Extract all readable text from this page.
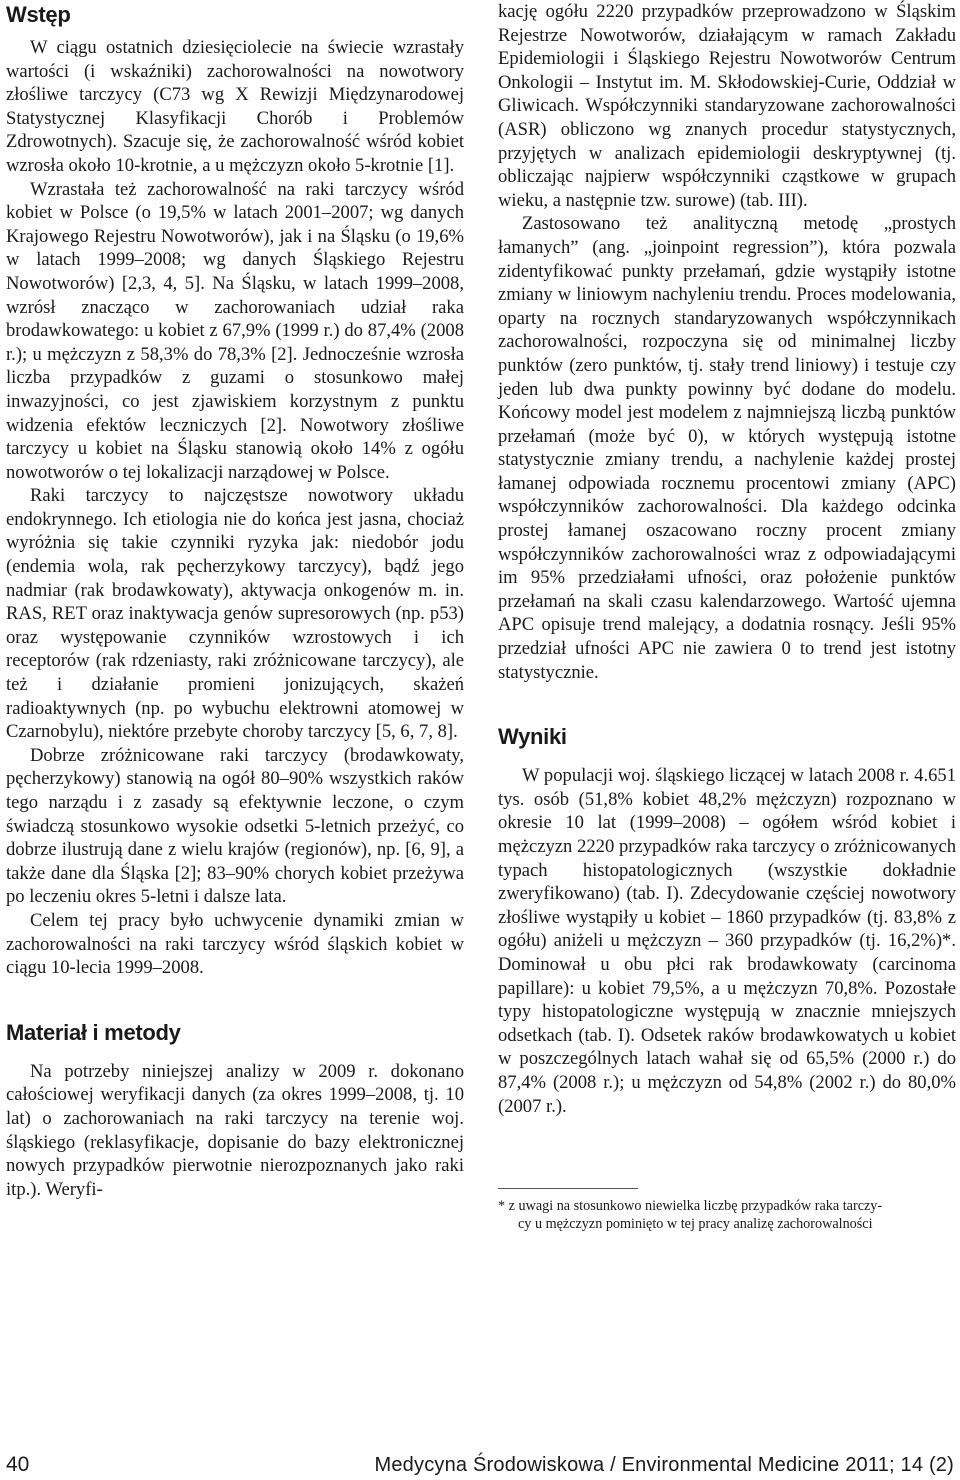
Wstęp

W ciągu ostatnich dziesięciolecie na świecie wzrastały wartości (i wskaźniki) zachorowalności na nowotwory złośliwe tarczycy (C73 wg X Rewizji Międzynarodowej Statystycznej Klasyfikacji Chorób i Problemów Zdrowotnych). Szacuje się, że zachorowalność wśród kobiet wzrosła około 10-krotnie, a u mężczyzn około 5-krotnie [1].

Wzrastała też zachorowalność na raki tarczycy wśród kobiet w Polsce (o 19,5% w latach 2001–2007; wg danych Krajowego Rejestru Nowotworów), jak i na Śląsku (o 19,6% w latach 1999–2008; wg danych Śląskiego Rejestru Nowotworów) [2,3, 4, 5]. Na Śląsku, w latach 1999–2008, wzrósł znacząco w zachorowaniach udział raka brodawkowatego: u kobiet z 67,9% (1999 r.) do 87,4% (2008 r.); u mężczyzn z 58,3% do 78,3% [2]. Jednocześnie wzrosła liczba przypadków z guzami o stosunkowo małej inwazyjności, co jest zjawiskiem korzystnym z punktu widzenia efektów leczniczych [2]. Nowotwory złośliwe tarczycy u kobiet na Śląsku stanowią około 14% z ogółu nowotworów o tej lokalizacji narządowej w Polsce.

Raki tarczycy to najczęstsze nowotwory układu endokrynnego. Ich etiologia nie do końca jest jasna, chociaż wyróżnia się takie czynniki ryzyka jak: niedobór jodu (endemia wola, rak pęcherzykowy tarczycy), bądź jego nadmiar (rak brodawkowaty), aktywacja onkogenów m. in. RAS, RET oraz inaktywacja genów supresorowych (np. p53) oraz występowanie czynników wzrostowych i ich receptorów (rak rdzeniasty, raki zróżnicowane tarczycy), ale też i działanie promieni jonizujących, skażeń radioaktywnych (np. po wybuchu elektrowni atomowej w Czarnobylu), niektóre przebyte choroby tarczycy [5, 6, 7, 8].

Dobrze zróżnicowane raki tarczycy (brodawkowaty, pęcherzykowy) stanowią na ogół 80–90% wszystkich raków tego narządu i z zasady są efektywnie leczone, o czym świadczą stosunkowo wysokie odsetki 5-letnich przeżyć, co dobrze ilustrują dane z wielu krajów (regionów), np. [6, 9], a także dane dla Śląska [2]; 83–90% chorych kobiet przeżywa po leczeniu okres 5-letni i dalsze lata.

Celem tej pracy było uchwycenie dynamiki zmian w zachorowalności na raki tarczycy wśród śląskich kobiet w ciągu 10-lecia 1999–2008.

Materiał i metody

Na potrzeby niniejszej analizy w 2009 r. dokonano całościowej weryfikacji danych (za okres 1999–2008, tj. 10 lat) o zachorowaniach na raki tarczycy na terenie woj. śląskiego (reklasyfikacje, dopisanie do bazy elektronicznej nowych przypadków pierwotnie nierozpoznanych jako raki itp.). Weryfi-

kację ogółu 2220 przypadków przeprowadzono w Śląskim Rejestrze Nowotworów, działającym w ramach Zakładu Epidemiologii i Śląskiego Rejestru Nowotworów Centrum Onkologii – Instytut im. M. Skłodowskiej-Curie, Oddział w Gliwicach. Współczynniki standaryzowane zachorowalności (ASR) obliczono wg znanych procedur statystycznych, przyjętych w analizach epidemiologii deskryptywnej (tj. obliczając najpierw współczynniki cząstkowe w grupach wieku, a następnie tzw. surowe) (tab. III).

Zastosowano też analityczną metodę „prostych łamanych” (ang. „joinpoint regression”), która pozwala zidentyfikować punkty przełamań, gdzie wystąpiły istotne zmiany w liniowym nachyleniu trendu. Proces modelowania, oparty na rocznych standaryzowanych współczynnikach zachorowalności, rozpoczyna się od minimalnej liczby punktów (zero punktów, tj. stały trend liniowy) i testuje czy jeden lub dwa punkty powinny być dodane do modelu. Końcowy model jest modelem z najmniejszą liczbą punktów przełamań (może być 0), w których występują istotne statystycznie zmiany trendu, a nachylenie każdej prostej łamanej odpowiada rocznemu procentowi zmiany (APC) współczynników zachorowalności. Dla każdego odcinka prostej łamanej oszacowano roczny procent zmiany współczynników zachorowalności wraz z odpowiadającymi im 95% przedziałami ufności, oraz położenie punktów przełamań na skali czasu kalendarzowego. Wartość ujemna APC opisuje trend malejący, a dodatnia rosnący. Jeśli 95% przedział ufności APC nie zawiera 0 to trend jest istotny statystycznie.

Wyniki

W populacji woj. śląskiego liczącej w latach 2008 r. 4.651 tys. osób (51,8% kobiet 48,2% mężczyzn) rozpoznano w okresie 10 lat (1999–2008) – ogółem wśród kobiet i mężczyzn 2220 przypadków raka tarczycy o zróżnicowanych typach histopatologicznych (wszystkie dokładnie zweryfikowano) (tab. I). Zdecydowanie częściej nowotwory złośliwe wystąpiły u kobiet – 1860 przypadków (tj. 83,8% z ogółu) aniżeli u mężczyzn – 360 przypadków (tj. 16,2%)*. Dominował u obu płci rak brodawkowaty (carcinoma papillare): u kobiet 79,5%, a u mężczyzn 70,8%. Pozostałe typy histopatologiczne występują w znacznie mniejszych odsetkach (tab. I). Odsetek raków brodawkowatych u kobiet w poszczególnych latach wahał się od 65,5% (2000 r.) do 87,4% (2008 r.); u mężczyzn od 54,8% (2002 r.) do 80,0% (2007 r.).

* z uwagi na stosunkowo niewielka liczbę przypadków raka tarczy-
cy u mężczyzn pominięto w tej pracy analizę zachorowalności
40	Medycyna Środowiskowa / Environmental Medicine 2011; 14 (2)
